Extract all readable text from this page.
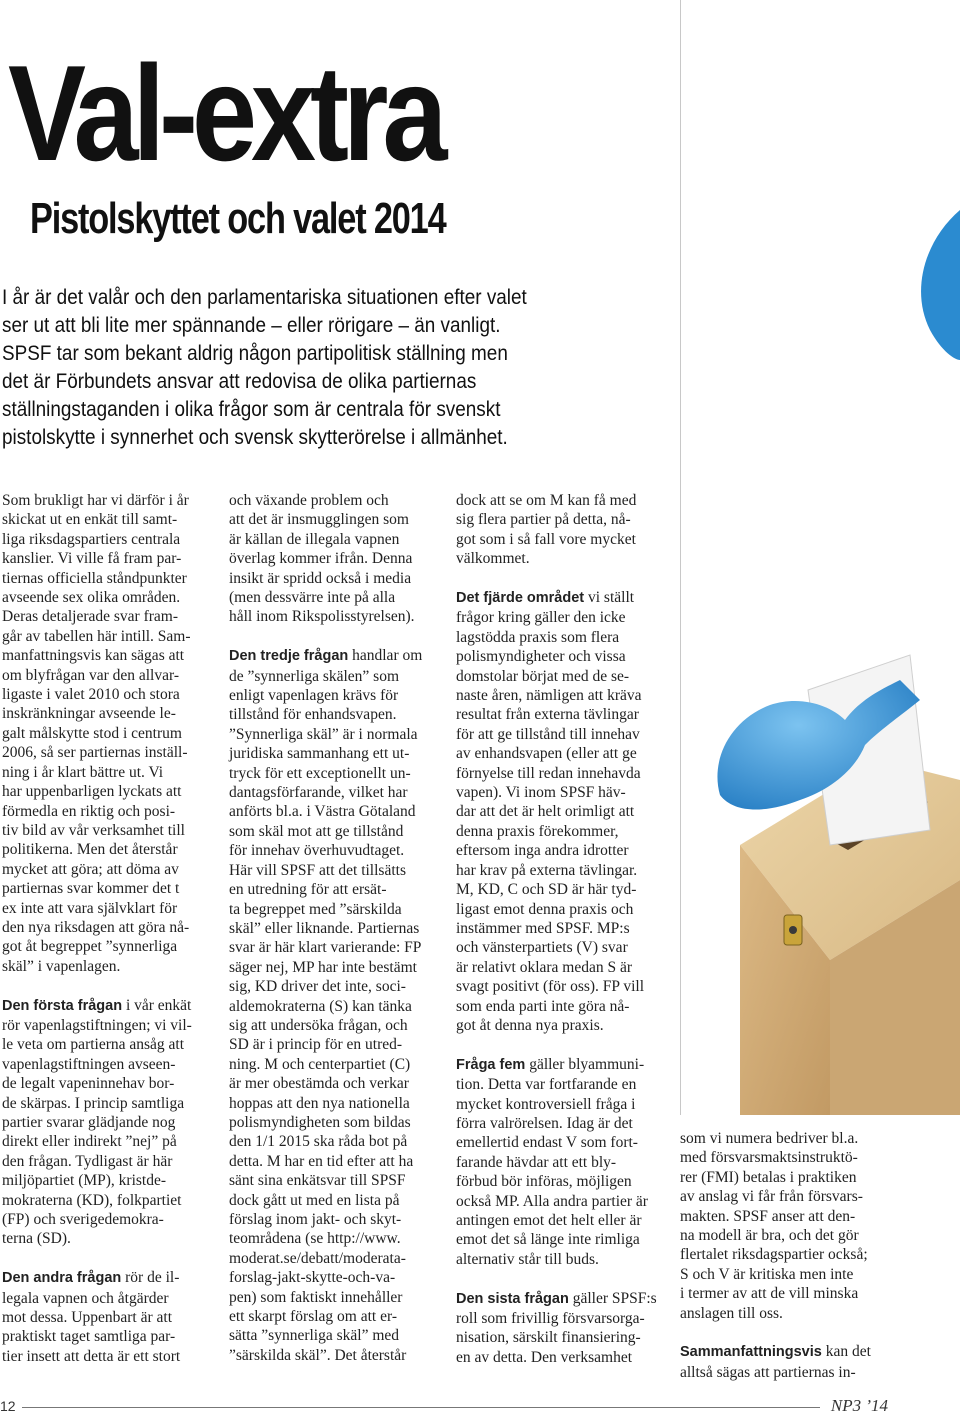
Val-extra
Pistolskyttet och valet 2014
I år är det valår och den parlamentariska situationen efter valet
ser ut att bli lite mer spännande – eller rörigare – än vanligt.
SPSF tar som bekant aldrig någon partipolitisk ställning men
det är Förbundets ansvar att redovisa de olika partiernas
ställningstaganden i olika frågor som är centrala för svenskt
pistolskytte i synnerhet och svensk skytterörelse i allmänhet.
Som brukligt har vi därför i år
skickat ut en enkät till samt-
liga riksdagspartiers centrala
kanslier. Vi ville få fram par-
tiernas officiella ståndpunkter
avseende sex olika områden.
Deras detaljerade svar fram-
går av tabellen här intill. Sam-
manfattningsvis kan sägas att
om blyfrågan var den allvar-
ligaste i valet 2010 och stora
inskränkningar avseende le-
galt målskytte stod i centrum
2006, så ser partiernas inställ-
ning i år klart bättre ut. Vi
har uppenbarligen lyckats att
förmedla en riktig och posi-
tiv bild av vår verksamhet till
politikerna. Men det återstår
mycket att göra; att döma av
partiernas svar kommer det t
ex inte att vara självklart för
den nya riksdagen att göra nå-
got åt begreppet ”synnerliga
skäl” i vapenlagen.
Den första frågan i vår enkät
rör vapenlagstiftningen; vi vil-
le veta om partierna ansåg att
vapenlagstiftningen avseen-
de legalt vapeninnehav bor-
de skärpas. I princip samtliga
partier svarar glädjande nog
direkt eller indirekt ”nej” på
den frågan. Tydligast är här
miljöpartiet (MP), kristde-
mokraterna (KD), folkpartiet
(FP) och sverigedemokra-
terna (SD).
Den andra frågan rör de il-
legala vapnen och åtgärder
mot dessa. Uppenbart är att
praktiskt taget samtliga par-
tier insett att detta är ett stort
och växande problem och
att det är insmugglingen som
är källan de illegala vapnen
överlag kommer ifrån. Denna
insikt är spridd också i media
(men dessvärre inte på alla
håll inom Rikspolisstyrelsen).
Den tredje frågan handlar om
de ”synnerliga skälen” som
enligt vapenlagen krävs för
tillstånd för enhandsvapen.
”Synnerliga skäl” är i normala
juridiska sammanhang ett ut-
tryck för ett exceptionellt un-
dantagsförfarande, vilket har
anförts bl.a. i Västra Götaland
som skäl mot att ge tillstånd
för innehav överhuvudtaget.
Här vill SPSF att det tillsätts
en utredning för att ersät-
ta begreppet med ”särskilda
skäl” eller liknande. Partiernas
svar är här klart varierande: FP
säger nej, MP har inte bestämt
sig, KD driver det inte, soci-
aldemokraterna (S) kan tänka
sig att undersöka frågan, och
SD är i princip för en utred-
ning. M och centerpartiet (C)
är mer obestämda och verkar
hoppas att den nya nationella
polismyndigheten som bildas
den 1/1 2015 ska råda bot på
detta. M har en tid efter att ha
sänt sina enkätsvar till SPSF
dock gått ut med en lista på
förslag inom jakt- och skyt-
teområdena (se http://www.
moderat.se/debatt/moderata-
forslag-jakt-skytte-och-va-
pen) som faktiskt innehåller
ett skarpt förslag om att er-
sätta ”synnerliga skäl” med
”särskilda skäl”. Det återstår
dock att se om M kan få med
sig flera partier på detta, nå-
got som i så fall vore mycket
välkommet.
Det fjärde området vi ställt
frågor kring gäller den icke
lagstödda praxis som flera
polismyndigheter och vissa
domstolar börjat med de se-
naste åren, nämligen att kräva
resultat från externa tävlingar
för att ge tillstånd till innehav
av enhandsvapen (eller att ge
förnyelse till redan innehavda
vapen). Vi inom SPSF häv-
dar att det är helt orimligt att
denna praxis förekommer,
eftersom inga andra idrotter
har krav på externa tävlingar.
M, KD, C och SD är här tyd-
ligast emot denna praxis och
instämmer med SPSF. MP:s
och vänsterpartiets (V) svar
är relativt oklara medan S är
svagt positivt (för oss). FP vill
som enda parti inte göra nå-
got åt denna nya praxis.
Fråga fem gäller blyammuni-
tion. Detta var fortfarande en
mycket kontroversiell fråga i
förra valrörelsen. Idag är det
emellertid endast V som fort-
farande hävdar att ett bly-
förbud bör införas, möjligen
också MP. Alla andra partier är
antingen emot det helt eller är
emot det så länge inte rimliga
alternativ står till buds.
Den sista frågan gäller SPSF:s
roll som frivillig försvarsorga-
nisation, särskilt finansiering-
en av detta. Den verksamhet
som vi numera bedriver bl.a.
med försvarsmaktsinstruktö-
rer (FMI) betalas i praktiken
av anslag vi får från försvars-
makten. SPSF anser att den-
na modell är bra, och det gör
flertalet riksdagspartier också;
S och V är kritiska men inte
i termer av att de vill minska
anslagen till oss.
Sammanfattningsvis kan det
alltså sägas att partiernas in-
12	NP3 ’14
